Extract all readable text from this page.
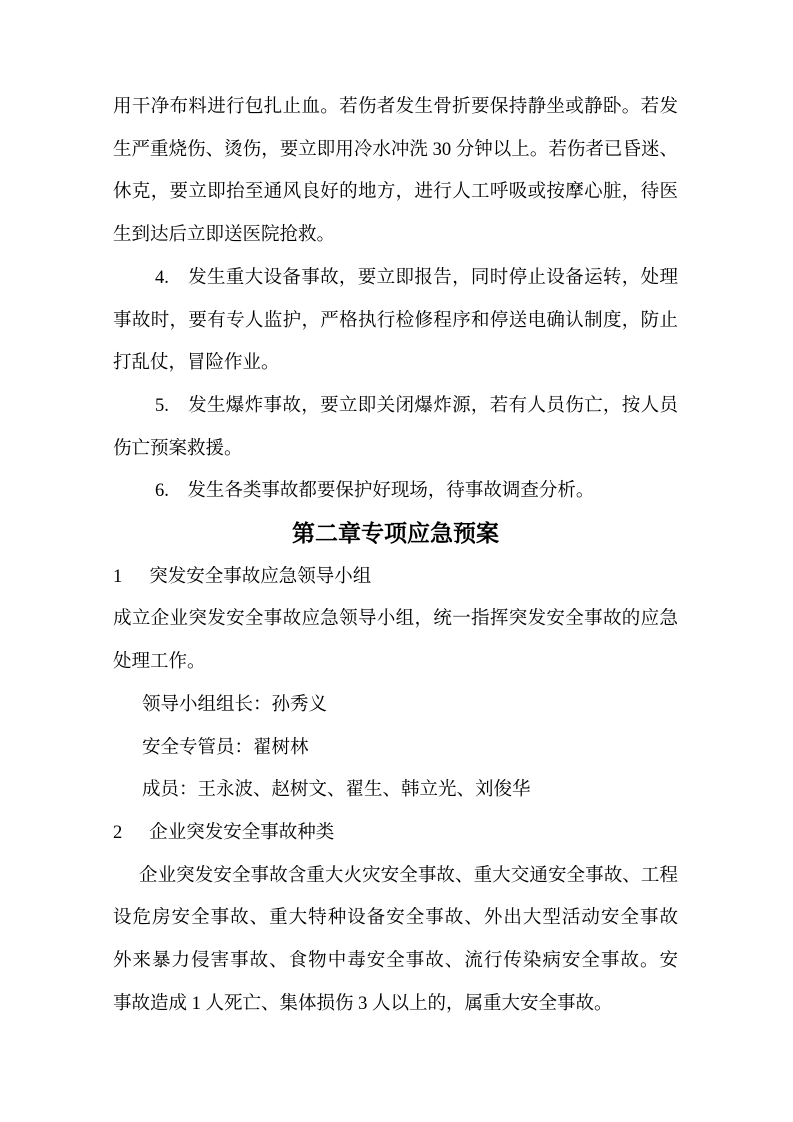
用干净布料进行包扎止血。若伤者发生骨折要保持静坐或静卧。若发

生严重烧伤、烫伤，要立即用冷水冲洗 30 分钟以上。若伤者已昏迷、

休克，要立即抬至通风良好的地方，进行人工呼吸或按摩心脏，待医

生到达后立即送医院抢救。

4.　发生重大设备事故，要立即报告，同时停止设备运转，处理

事故时，要有专人监护，严格执行检修程序和停送电确认制度，防止

打乱仗，冒险作业。

5.　发生爆炸事故，要立即关闭爆炸源，若有人员伤亡，按人员

伤亡预案救援。

6.　发生各类事故都要保护好现场，待事故调查分析。

第二章专项应急预案

1 突发安全事故应急领导小组

成立企业突发安全事故应急领导小组，统一指挥突发安全事故的应急

处理工作。

领导小组组长：孙秀义

安全专管员：翟树林

成员：王永波、赵树文、翟生、韩立光、刘俊华

2 企业突发安全事故种类

企业突发安全事故含重大火灾安全事故、重大交通安全事故、工程

设危房安全事故、重大特种设备安全事故、外出大型活动安全事故

外来暴力侵害事故、食物中毒安全事故、流行传染病安全事故。安

事故造成 1 人死亡、集体损伤 3 人以上的，属重大安全事故。
